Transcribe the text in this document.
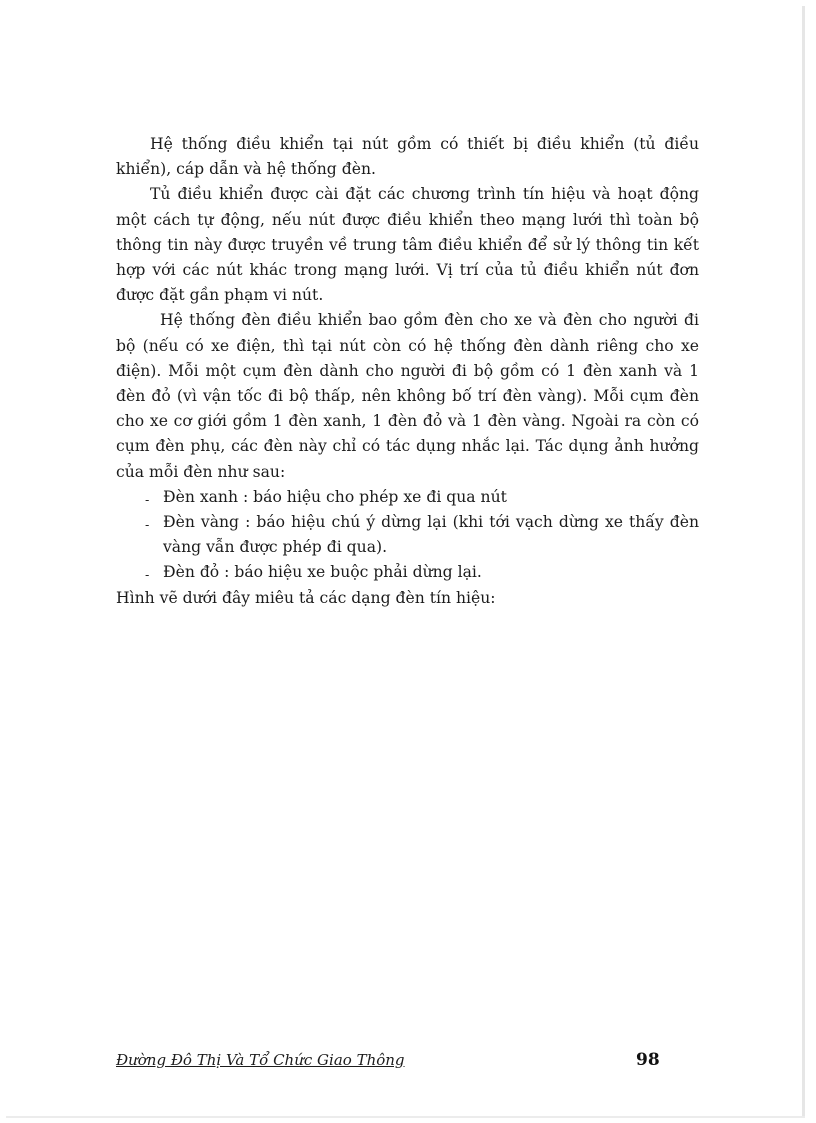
Hệ thống điều khiển tại nút gồm có thiết bị điều khiển (tủ điều khiển), cáp dẫn và hệ thống đèn.

Tủ điều khiển được cài đặt các chương trình tín hiệu và hoạt động một cách tự động, nếu nút được điều khiển theo mạng lưới thì toàn bộ thông tin này được truyền về trung tâm điều khiển để sử lý thông tin kết hợp với các nút khác trong mạng lưới. Vị trí của tủ điều khiển nút đơn được đặt gần phạm vi nút.

Hệ thống đèn điều khiển bao gồm đèn cho xe và đèn cho người đi bộ (nếu có xe điện, thì tại nút còn có hệ thống đèn dành riêng cho xe điện). Mỗi một cụm đèn dành cho người đi bộ gồm có 1 đèn xanh và 1 đèn đỏ (vì vận tốc đi bộ thấp, nên không bố trí đèn vàng). Mỗi cụm đèn cho xe cơ giới gồm 1 đèn xanh, 1 đèn đỏ và 1 đèn vàng. Ngoài ra còn có cụm đèn phụ, các đèn này chỉ có tác dụng nhắc lại. Tác dụng ảnh hưởng của mỗi đèn như sau:

- Đèn xanh : báo hiệu cho phép xe đi qua nút
- Đèn vàng : báo hiệu chú ý dừng lại (khi tới vạch dừng xe thấy đèn vàng vẫn được phép đi qua).
- Đèn đỏ : báo hiệu xe buộc phải dừng lại.

Hình vẽ dưới đây miêu tả các dạng đèn tín hiệu:

Đường Đô Thị Và Tổ Chức Giao Thông	98
